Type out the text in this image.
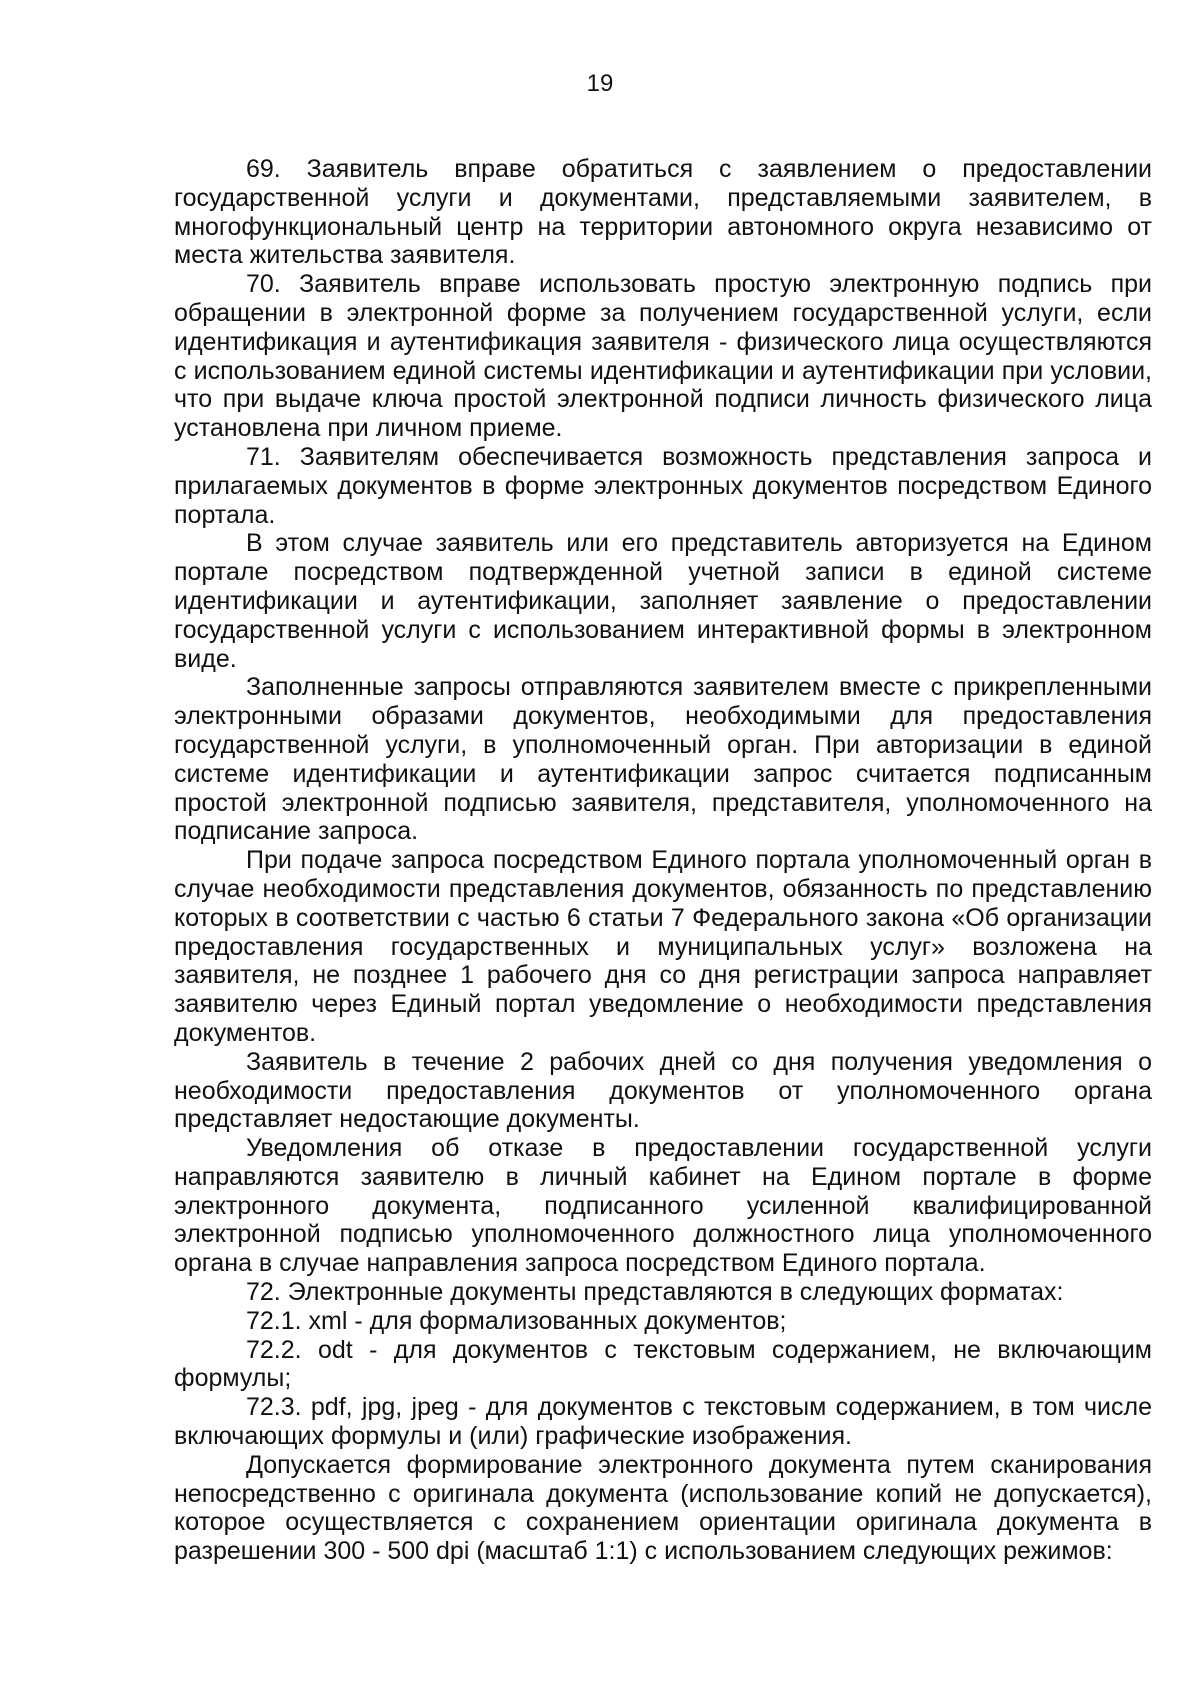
19

69. Заявитель вправе обратиться с заявлением о предоставлении государственной услуги и документами, представляемыми заявителем, в многофункциональный центр на территории автономного округа независимо от места жительства заявителя.

70. Заявитель вправе использовать простую электронную подпись при обращении в электронной форме за получением государственной услуги, если идентификация и аутентификация заявителя - физического лица осуществляются с использованием единой системы идентификации и аутентификации при условии, что при выдаче ключа простой электронной подписи личность физического лица установлена при личном приеме.

71. Заявителям обеспечивается возможность представления запроса и прилагаемых документов в форме электронных документов посредством Единого портала.

В этом случае заявитель или его представитель авторизуется на Едином портале посредством подтвержденной учетной записи в единой системе идентификации и аутентификации, заполняет заявление о предоставлении государственной услуги с использованием интерактивной формы в электронном виде.

Заполненные запросы отправляются заявителем вместе с прикрепленными электронными образами документов, необходимыми для предоставления государственной услуги, в уполномоченный орган. При авторизации в единой системе идентификации и аутентификации запрос считается подписанным простой электронной подписью заявителя, представителя, уполномоченного на подписание запроса.

При подаче запроса посредством Единого портала уполномоченный орган в случае необходимости представления документов, обязанность по представлению которых в соответствии с частью 6 статьи 7 Федерального закона «Об организации предоставления государственных и муниципальных услуг» возложена на заявителя, не позднее 1 рабочего дня со дня регистрации запроса направляет заявителю через Единый портал уведомление о необходимости представления документов.

Заявитель в течение 2 рабочих дней со дня получения уведомления о необходимости предоставления документов от уполномоченного органа представляет недостающие документы.

Уведомления об отказе в предоставлении государственной услуги направляются заявителю в личный кабинет на Едином портале в форме электронного документа, подписанного усиленной квалифицированной электронной подписью уполномоченного должностного лица уполномоченного органа в случае направления запроса посредством Единого портала.

72. Электронные документы представляются в следующих форматах:

72.1. xml - для формализованных документов;

72.2. odt - для документов с текстовым содержанием, не включающим формулы;

72.3. pdf, jpg, jpeg - для документов с текстовым содержанием, в том числе включающих формулы и (или) графические изображения.

Допускается формирование электронного документа путем сканирования непосредственно с оригинала документа (использование копий не допускается), которое осуществляется с сохранением ориентации оригинала документа в разрешении 300 - 500 dpi (масштаб 1:1) с использованием следующих режимов:
